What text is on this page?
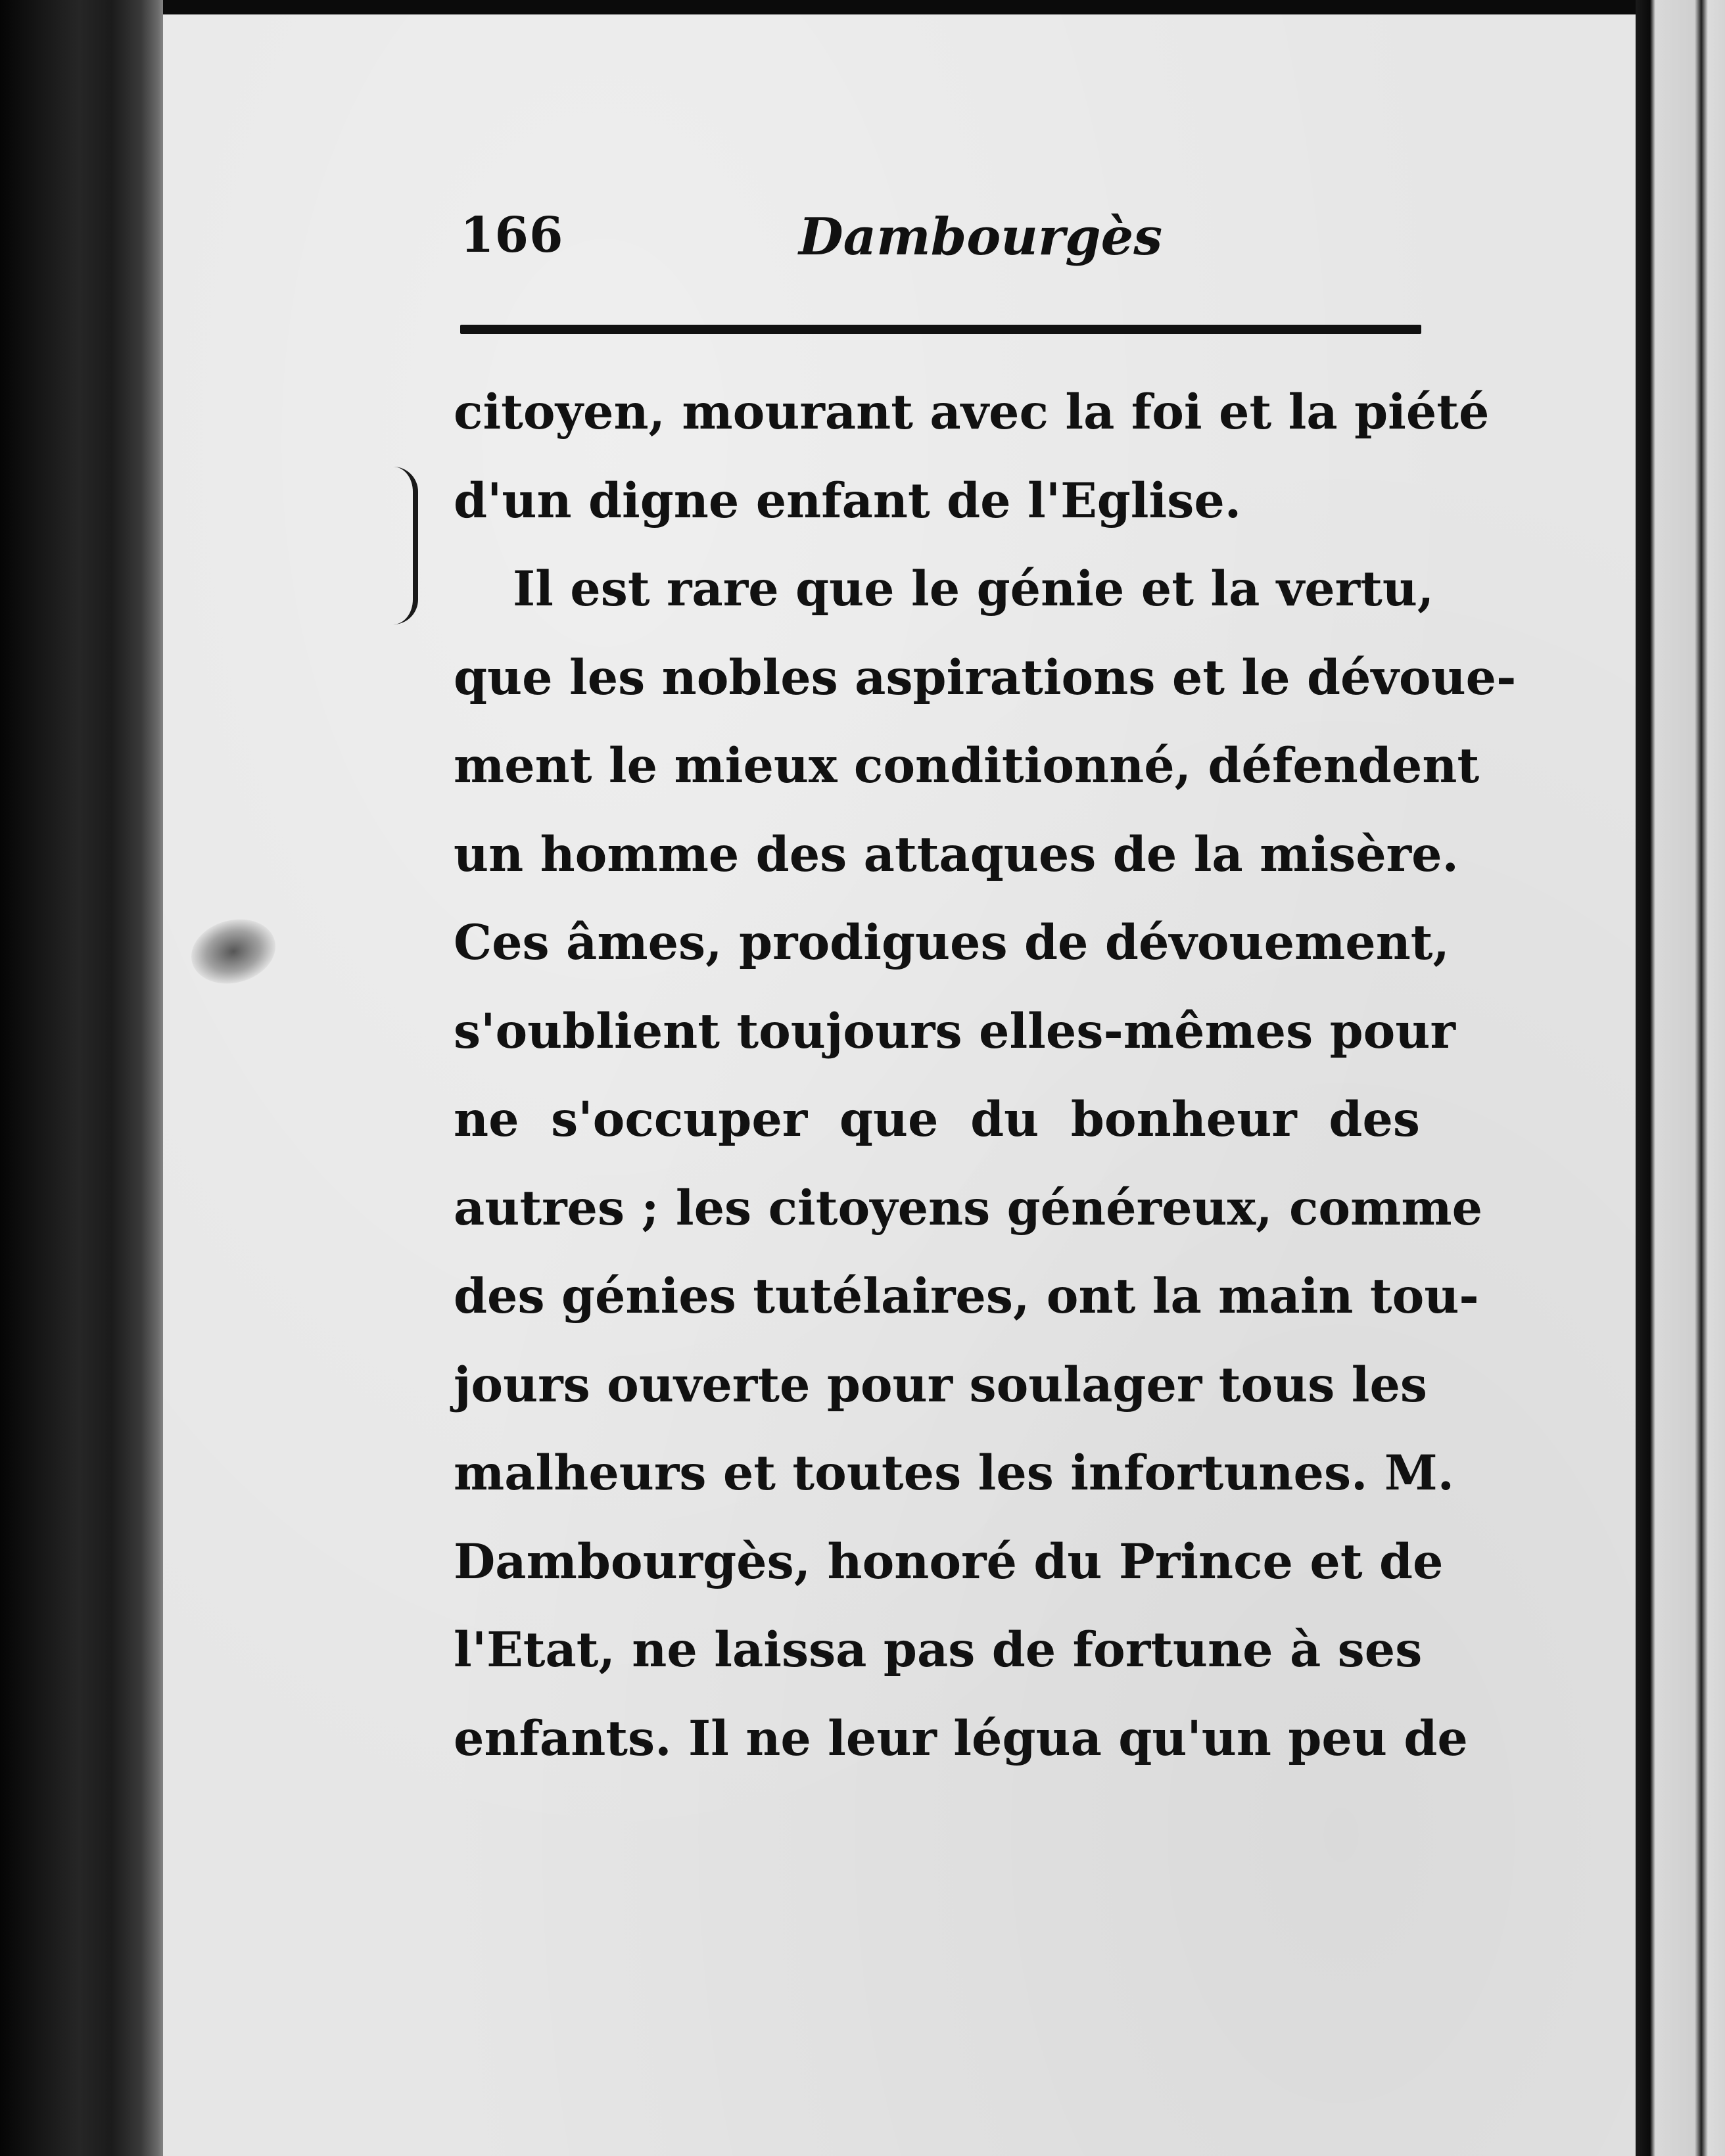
166	Dambourgès
citoyen, mourant avec la foi et la piété
d'un digne enfant de l'Eglise.
Il est rare que le génie et la vertu,
que les nobles aspirations et le dévoue-
ment le mieux conditionné, défendent
un homme des attaques de la misère.
Ces âmes, prodigues de dévouement,
s'oublient toujours elles-mêmes pour
ne s'occuper que du bonheur des
autres ; les citoyens généreux, comme
des génies tutélaires, ont la main tou-
jours ouverte pour soulager tous les
malheurs et toutes les infortunes. M.
Dambourgès, honoré du Prince et de
l'Etat, ne laissa pas de fortune à ses
enfants. Il ne leur légua qu'un peu de
